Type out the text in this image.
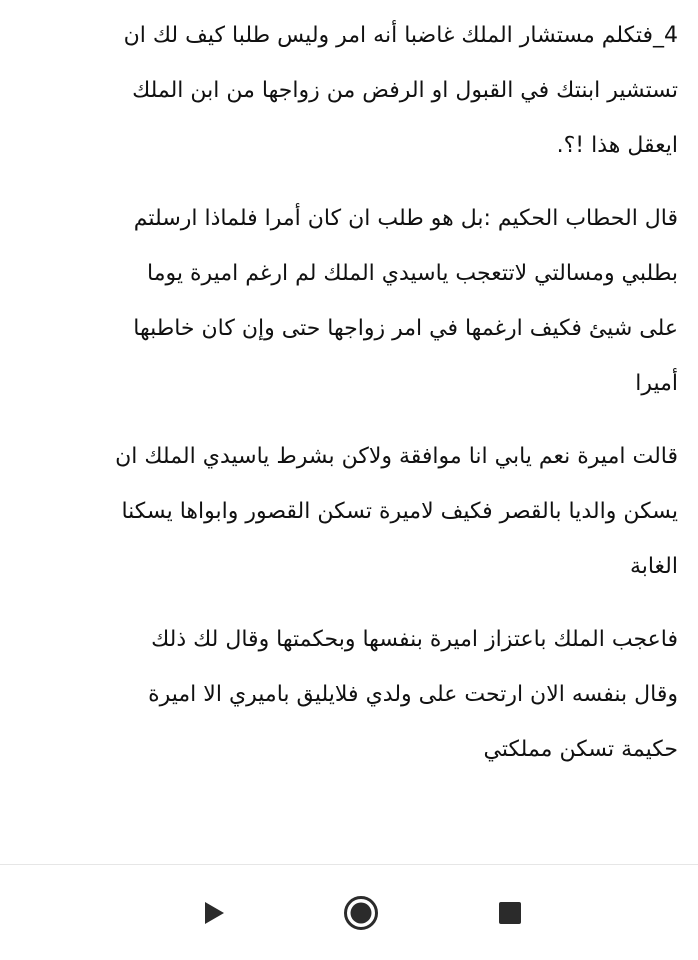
4_فتكلم مستشار الملك غاضبا أنه امر وليس طلبا كيف لك ان
تستشير ابنتك في القبول او الرفض من زواجها من ابن الملك
ايعقل هذا !؟.

قال الحطاب الحكيم :بل هو طلب ان كان أمرا فلماذا ارسلتم
بطلبي ومسالتي لاتتعجب ياسيدي الملك لم ارغم اميرة يوما
على شيئ فكيف ارغمها في امر زواجها حتى وإن كان خاطبها
أميرا

قالت اميرة نعم يابي انا موافقة ولاكن بشرط ياسيدي الملك ان
يسكن والديا بالقصر فكيف لاميرة تسكن القصور وابواها يسكنا
الغابة

فاعجب الملك باعتزاز اميرة بنفسها وبحكمتها وقال لك ذلك
وقال بنفسه الان ارتحت على ولدي فلايليق باميري الا اميرة
حكيمة تسكن مملكتي
